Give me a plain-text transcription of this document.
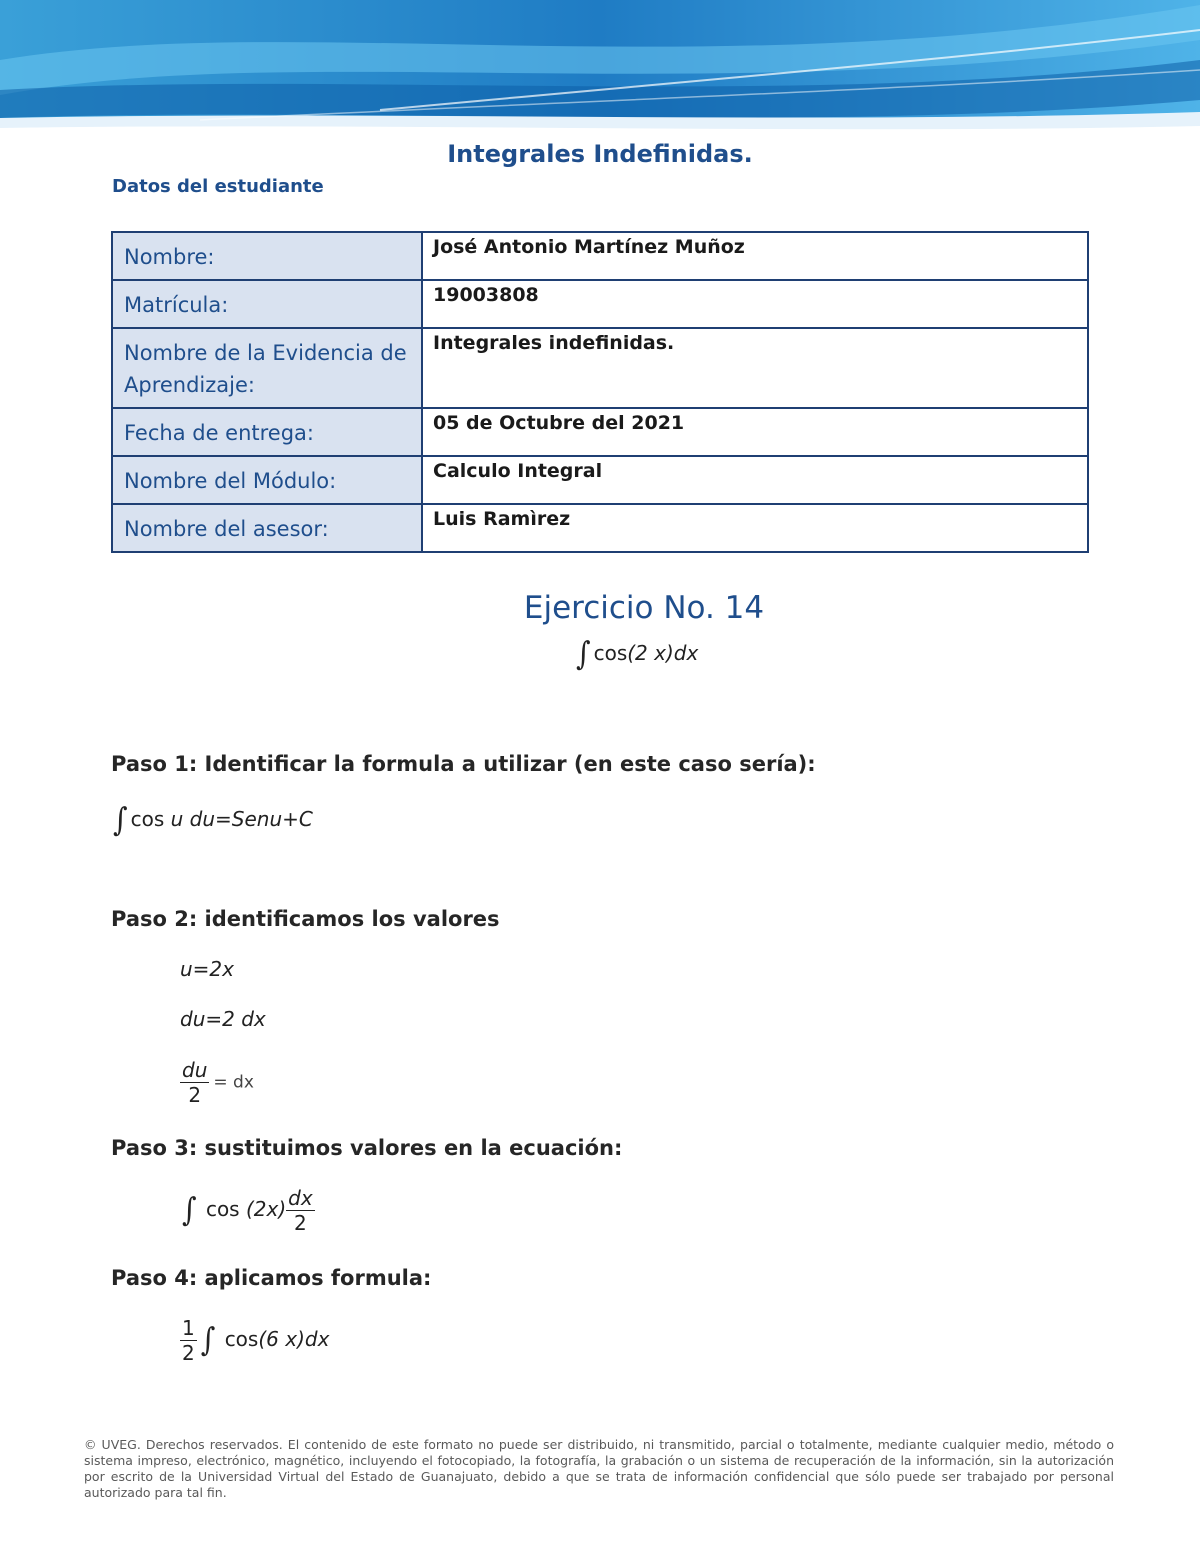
Integrales Indefinidas.
Datos del estudiante
Nombre:	José Antonio Martínez Muñoz
Matrícula:	19003808
Nombre de la Evidencia de Aprendizaje:	Integrales indefinidas.
Fecha de entrega:	05 de Octubre del 2021
Nombre del Módulo:	Calculo Integral
Nombre del asesor:	Luis Ramìrez
Ejercicio No. 14
∫ cos(2 x)dx
Paso 1: Identificar la formula a utilizar (en este caso sería):
∫ cos u du=Senu+C
Paso 2: identificamos los valores
u=2x
du=2 dx
$\frac{du}{2}$ = dx
Paso 3: sustituimos valores en la ecuación:
∫ $\cos (2x) \frac{dx}{2}$
Paso 4: aplicamos formula:
$\frac{1}{2}$ ∫ cos(6 x)dx
© UVEG. Derechos reservados. El contenido de este formato no puede ser distribuido, ni transmitido, parcial o totalmente, mediante cualquier medio, método o sistema impreso, electrónico, magnético, incluyendo el fotocopiado, la fotografía, la grabación o un sistema de recuperación de la información, sin la autorización por escrito de la Universidad Virtual del Estado de Guanajuato, debido a que se trata de información confidencial que sólo puede ser trabajado por personal autorizado para tal fin.
